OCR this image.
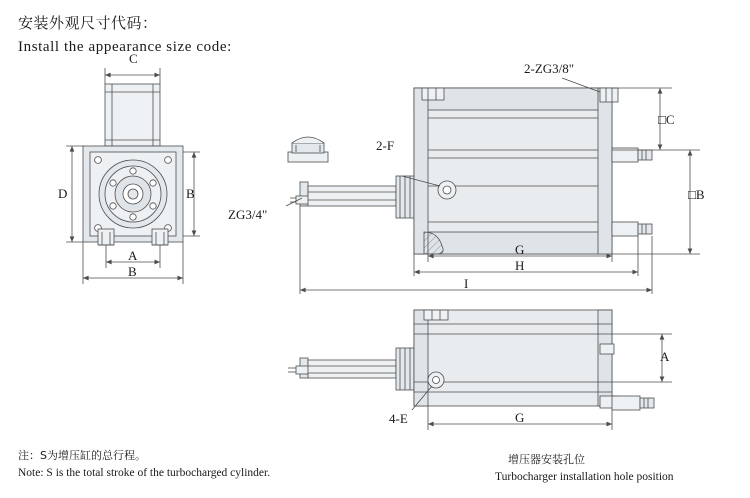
安装外观尺寸代码：
Install the appearance size code:
C
D	B
A
B
2-ZG3/8"
2-F
ZG3/4"
□C
□B
G
H
I
4-E	G
A
注：S为增压缸的总行程。
Note: S is the total stroke of the turbocharged cylinder.
增压器安装孔位
Turbocharger installation hole position
